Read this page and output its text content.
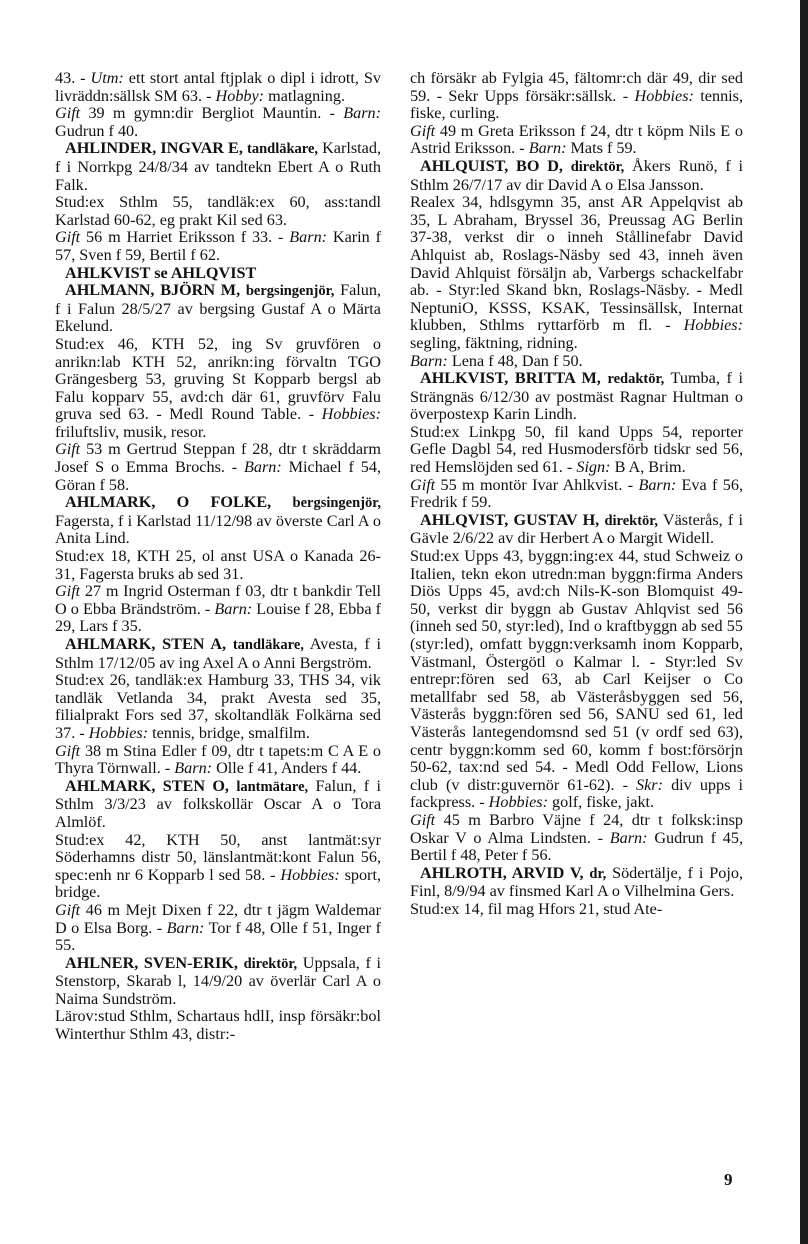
43. - Utm: ett stort antal ftjplak o dipl i idrott, Sv livräddn:sällsk SM 63. - Hobby: matlagning.
Gift 39 m gymn:dir Bergliot Mauntin. - Barn: Gudrun f 40.

AHLINDER, INGVAR E, tandläkare, Karlstad, f i Norrkpg 24/8/34 av tandtekn Ebert A o Ruth Falk.
Stud:ex Sthlm 55, tandläk:ex 60, ass:tandl Karlstad 60-62, eg prakt Kil sed 63.
Gift 56 m Harriet Eriksson f 33. - Barn: Karin f 57, Sven f 59, Bertil f 62.

AHLKVIST se AHLQVIST

AHLMANN, BJÖRN M, bergsingenjör, Falun, f i Falun 28/5/27 av bergsing Gustaf A o Märta Ekelund.
Stud:ex 46, KTH 52, ing Sv gruvfören o anrikn:lab KTH 52, anrikn:ing förvaltn TGO Grängesberg 53, gruving St Kopparb bergsl ab Falu kopparv 55, avd:ch där 61, gruvförv Falu gruva sed 63. - Medl Round Table. - Hobbies: friluftsliv, musik, resor.
Gift 53 m Gertrud Steppan f 28, dtr t skräddarm Josef S o Emma Brochs. - Barn: Michael f 54, Göran f 58.

AHLMARK, O FOLKE, bergsingenjör, Fagersta, f i Karlstad 11/12/98 av överste Carl A o Anita Lind.
Stud:ex 18, KTH 25, ol anst USA o Kanada 26-31, Fagersta bruks ab sed 31.
Gift 27 m Ingrid Osterman f 03, dtr t bankdir Tell O o Ebba Brändström. - Barn: Louise f 28, Ebba f 29, Lars f 35.

AHLMARK, STEN A, tandläkare, Avesta, f i Sthlm 17/12/05 av ing Axel A o Anni Bergström.
Stud:ex 26, tandläk:ex Hamburg 33, THS 34, vik tandläk Vetlanda 34, prakt Avesta sed 35, filialprakt Fors sed 37, skoltandläk Folkärna sed 37. - Hobbies: tennis, bridge, smalfilm.
Gift 38 m Stina Edler f 09, dtr t tapets:m C A E o Thyra Törnwall. - Barn: Olle f 41, Anders f 44.

AHLMARK, STEN O, lantmätare, Falun, f i Sthlm 3/3/23 av folkskollär Oscar A o Tora Almlöf.
Stud:ex 42, KTH 50, anst lantmät:syr Söderhamns distr 50, länslantmät:kont Falun 56, spec:enh nr 6 Kopparb l sed 58. - Hobbies: sport, bridge.
Gift 46 m Mejt Dixen f 22, dtr t jägm Waldemar D o Elsa Borg. - Barn: Tor f 48, Olle f 51, Inger f 55.

AHLNER, SVEN-ERIK, direktör, Uppsala, f i Stenstorp, Skarab l, 14/9/20 av överlär Carl A o Naima Sundström.
Lärov:stud Sthlm, Schartaus hdlI, insp försäkr:bol Winterthur Sthlm 43, distr:-

ch försäkr ab Fylgia 45, fältomr:ch där 49, dir sed 59. - Sekr Upps försäkr:sällsk. - Hobbies: tennis, fiske, curling.
Gift 49 m Greta Eriksson f 24, dtr t köpm Nils E o Astrid Eriksson. - Barn: Mats f 59.

AHLQUIST, BO D, direktör, Åkers Runö, f i Sthlm 26/7/17 av dir David A o Elsa Jansson.
Realex 34, hdlsgymn 35, anst AR Appelqvist ab 35, L Abraham, Bryssel 36, Preussag AG Berlin 37-38, verkst dir o inneh Stållinefabr David Ahlquist ab, Roslags-Näsby sed 43, inneh även David Ahlquist försäljn ab, Varbergs schackelfabr ab. - Styr:led Skand bkn, Roslags-Näsby. - Medl NeptuniO, KSSS, KSAK, Tessinsällsk, Internat klubben, Sthlms ryttarförb m fl. - Hobbies: segling, fäktning, ridning.
Barn: Lena f 48, Dan f 50.

AHLKVIST, BRITTA M, redaktör, Tumba, f i Strängnäs 6/12/30 av postmäst Ragnar Hultman o överpostexp Karin Lindh.
Stud:ex Linkpg 50, fil kand Upps 54, reporter Gefle Dagbl 54, red Husmodersförb tidskr sed 56, red Hemslöjden sed 61. - Sign: B A, Brim.
Gift 55 m montör Ivar Ahlkvist. - Barn: Eva f 56, Fredrik f 59.

AHLQVIST, GUSTAV H, direktör, Västerås, f i Gävle 2/6/22 av dir Herbert A o Margit Widell.
Stud:ex Upps 43, byggn:ing:ex 44, stud Schweiz o Italien, tekn ekon utredn:man byggn:firma Anders Diös Upps 45, avd:ch Nils-K-son Blomquist 49-50, verkst dir byggn ab Gustav Ahlqvist sed 56 (inneh sed 50, styr:led), Ind o kraftbyggn ab sed 55 (styr:led), omfatt byggn:verksamh inom Kopparb, Västmanl, Östergötl o Kalmar l. - Styr:led Sv entrepr:fören sed 63, ab Carl Keijser o Co metallfabr sed 58, ab Västeråsbyggen sed 56, Västerås byggn:fören sed 56, SANU sed 61, led Västerås lantegendomsnd sed 51 (v ordf sed 63), centr byggn:komm sed 60, komm f bost:försörjn 50-62, tax:nd sed 54. - Medl Odd Fellow, Lions club (v distr:guvernör 61-62). - Skr: div upps i fackpress. - Hobbies: golf, fiske, jakt.
Gift 45 m Barbro Väjne f 24, dtr t folksk:insp Oskar V o Alma Lindsten. - Barn: Gudrun f 45, Bertil f 48, Peter f 56.

AHLROTH, ARVID V, dr, Södertälje, f i Pojo, Finl, 8/9/94 av finsmed Karl A o Vilhelmina Gers.
Stud:ex 14, fil mag Hfors 21, stud Ate-

9
